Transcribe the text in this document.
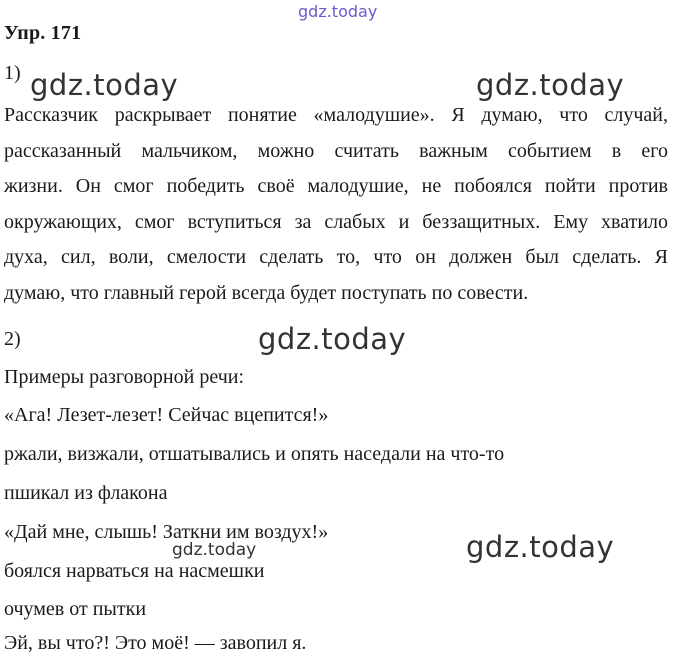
gdz.today
gdz.today	gdz.today
gdz.today
gdz.today	gdz.today
Упр. 171
1)
Рассказчик раскрывает понятие «малодушие». Я думаю, что случай,
рассказанный мальчиком, можно считать важным событием в его
жизни. Он смог победить своё малодушие, не побоялся пойти против
окружающих, смог вступиться за слабых и беззащитных. Ему хватило
духа, сил, воли, смелости сделать то, что он должен был сделать. Я
думаю, что главный герой всегда будет поступать по совести.
2)
Примеры разговорной речи:
«Ага! Лезет-лезет! Сейчас вцепится!»
ржали, визжали, отшатывались и опять наседали на что-то
пшикал из флакона
«Дай мне, слышь! Заткни им воздух!»
боялся нарваться на насмешки
очумев от пытки
Эй, вы что?! Это моё! — завопил я.
